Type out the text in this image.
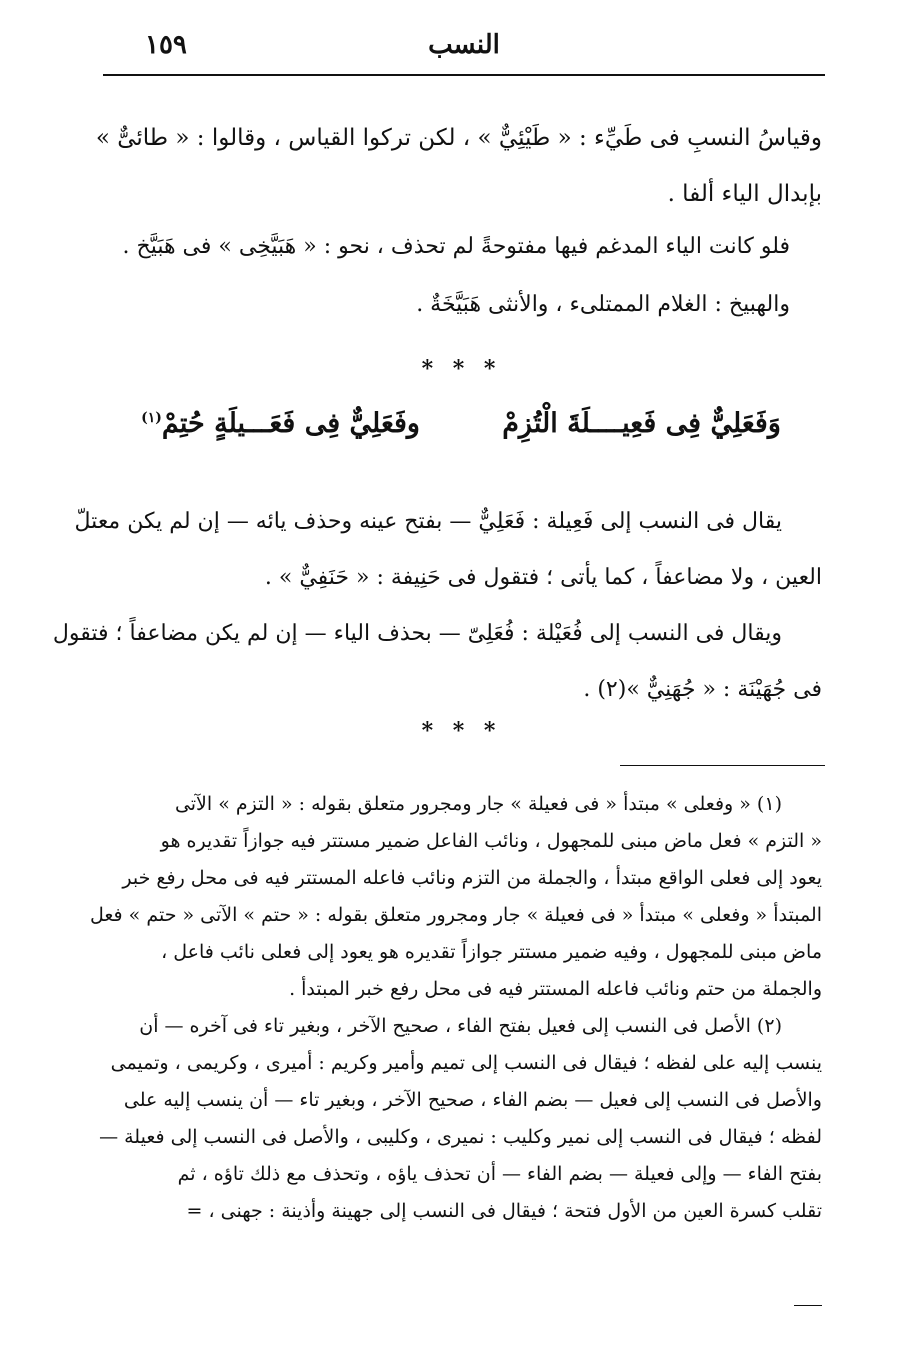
النسب
١٥٩
وقياسُ النسبِ فى طَيِّء : « طَيْئِيٌّ » ، لكن تركوا القياس ، وقالوا : « طائىٌّ »
بإبدال الياء ألفا .
فلو كانت الياء المدغم فيها مفتوحةً لم تحذف ، نحو : « هَبَيَّخِى » فى هَبَيَّخ .
والهبيخ : الغلام الممتلىء ، والأنثى هَبَيَّخَةٌ .
* * *
وَفَعَلِيٌّ فِى فَعِيــــلَةَ الْتُزِمْ
وفَعَلِيٌّ فِى فَعَـــيلَةٍ حُتِمْ$^{(١)}$
يقال فى النسب إلى فَعِيلة : فَعَلِيٌّ — بفتح عينه وحذف يائه — إن لم يكن معتلّ
العين ، ولا مضاعفاً ، كما يأتى ؛ فتقول فى حَنِيفة : « حَنَفِيٌّ » .
ويقال فى النسب إلى فُعَيْلة : فُعَلِىّ — بحذف الياء — إن لم يكن مضاعفاً ؛ فتقول
فى جُهَيْنَة : « جُهَنِيٌّ »(٢) .
* * *
(١) « وفعلى » مبتدأ « فى فعيلة » جار ومجرور متعلق بقوله : « التزم » الآتى
« التزم » فعل ماض مبنى للمجهول ، ونائب الفاعل ضمير مستتر فيه جوازاً تقديره هو
يعود إلى فعلى الواقع مبتدأ ، والجملة من التزم ونائب فاعله المستتر فيه فى محل رفع خبر
المبتدأ « وفعلى » مبتدأ « فى فعيلة » جار ومجرور متعلق بقوله : « حتم » الآتى « حتم » فعل
ماض مبنى للمجهول ، وفيه ضمير مستتر جوازاً تقديره هو يعود إلى فعلى نائب فاعل ،
والجملة من حتم ونائب فاعله المستتر فيه فى محل رفع خبر المبتدأ .
(٢) الأصل فى النسب إلى فعيل بفتح الفاء ، صحيح الآخر ، وبغير تاء فى آخره — أن
ينسب إليه على لفظه ؛ فيقال فى النسب إلى تميم وأمير وكريم : أميرى ، وكريمى ، وتميمى
والأصل فى النسب إلى فعيل — بضم الفاء ، صحيح الآخر ، وبغير تاء — أن ينسب إليه على
لفظه ؛ فيقال فى النسب إلى نمير وكليب : نميرى ، وكليبى ، والأصل فى النسب إلى فعيلة —
بفتح الفاء — وإلى فعيلة — بضم الفاء — أن تحذف ياؤه ، وتحذف مع ذلك تاؤه ، ثم
تقلب كسرة العين من الأول فتحة ؛ فيقال فى النسب إلى جهينة وأذينة : جهنى ، =
